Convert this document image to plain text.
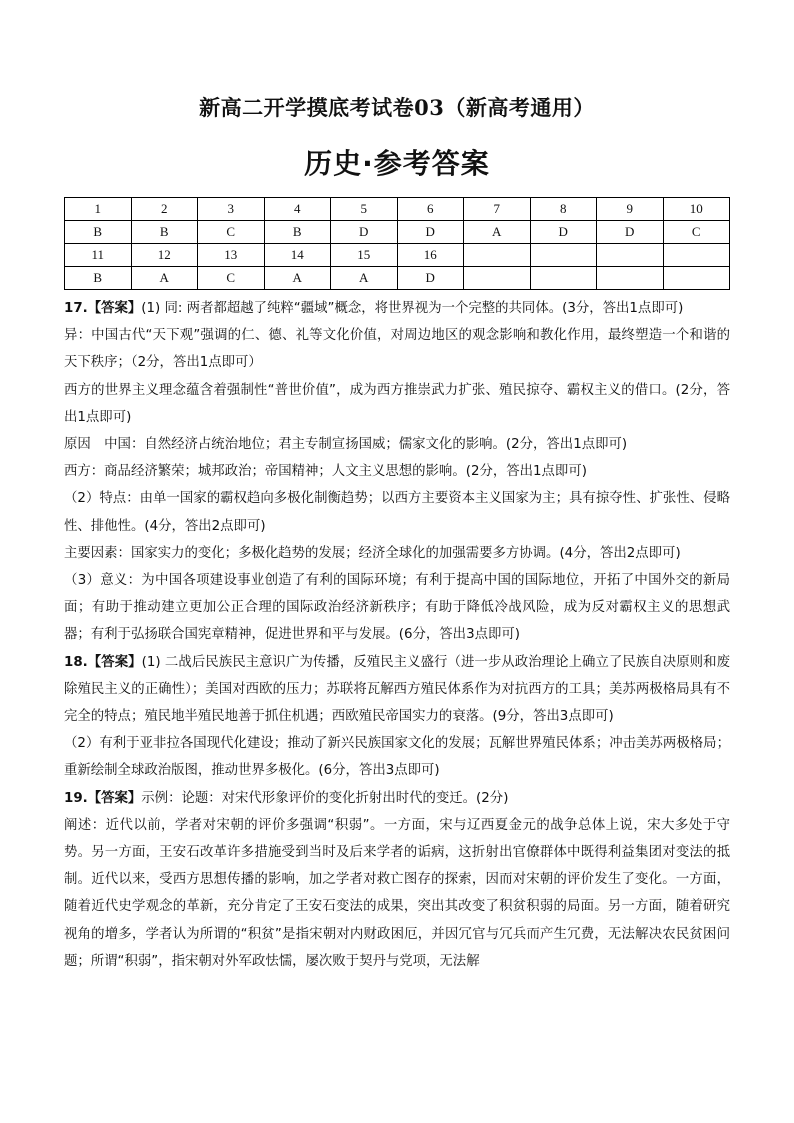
新高二开学摸底考试卷03（新高考通用）
历史·参考答案
1	2	3	4	5	6	7	8	9	10
B	B	C	B	D	D	A	D	D	C
11	12	13	14	15	16				
B	A	C	A	A	D				

17.【答案】(1) 同: 两者都超越了纯粹“疆域”概念，将世界视为一个完整的共同体。(3分，答出1点即可)

异：中国古代“天下观”强调的仁、德、礼等文化价值，对周边地区的观念影响和教化作用，最终塑造一个和谐的天下秩序；（2分，答出1点即可）

西方的世界主义理念蕴含着强制性“普世价值”，成为西方推崇武力扩张、殖民掠夺、霸权主义的借口。(2分，答出1点即可)

原因　中国：自然经济占统治地位；君主专制宣扬国威；儒家文化的影响。(2分，答出1点即可)

西方：商品经济繁荣；城邦政治；帝国精神；人文主义思想的影响。(2分，答出1点即可)

（2）特点：由单一国家的霸权趋向多极化制衡趋势；以西方主要资本主义国家为主；具有掠夺性、扩张性、侵略性、排他性。(4分，答出2点即可)

主要因素：国家实力的变化；多极化趋势的发展；经济全球化的加强需要多方协调。(4分，答出2点即可)

（3）意义：为中国各项建设事业创造了有利的国际环境；有利于提高中国的国际地位，开拓了中国外交的新局面；有助于推动建立更加公正合理的国际政治经济新秩序；有助于降低冷战风险，成为反对霸权主义的思想武器；有利于弘扬联合国宪章精神，促进世界和平与发展。(6分，答出3点即可)

18.【答案】(1) 二战后民族民主意识广为传播，反殖民主义盛行（进一步从政治理论上确立了民族自决原则和废除殖民主义的正确性）；美国对西欧的压力；苏联将瓦解西方殖民体系作为对抗西方的工具；美苏两极格局具有不完全的特点；殖民地半殖民地善于抓住机遇；西欧殖民帝国实力的衰落。(9分，答出3点即可)

（2）有利于亚非拉各国现代化建设；推动了新兴民族国家文化的发展；瓦解世界殖民体系；冲击美苏两极格局；重新绘制全球政治版图，推动世界多极化。(6分，答出3点即可)

19.【答案】示例：论题：对宋代形象评价的变化折射出时代的变迁。(2分)

阐述：近代以前，学者对宋朝的评价多强调“积弱”。一方面，宋与辽西夏金元的战争总体上说，宋大多处于守势。另一方面，王安石改革许多措施受到当时及后来学者的诟病，这折射出官僚群体中既得利益集团对变法的抵制。近代以来，受西方思想传播的影响，加之学者对救亡图存的探索，因而对宋朝的评价发生了变化。一方面，随着近代史学观念的革新，充分肯定了王安石变法的成果，突出其改变了积贫积弱的局面。另一方面，随着研究视角的增多，学者认为所谓的“积贫”是指宋朝对内财政困厄，并因冗官与冗兵而产生冗费，无法解决农民贫困问题；所谓“积弱”，指宋朝对外军政怯懦，屡次败于契丹与党项，无法解
